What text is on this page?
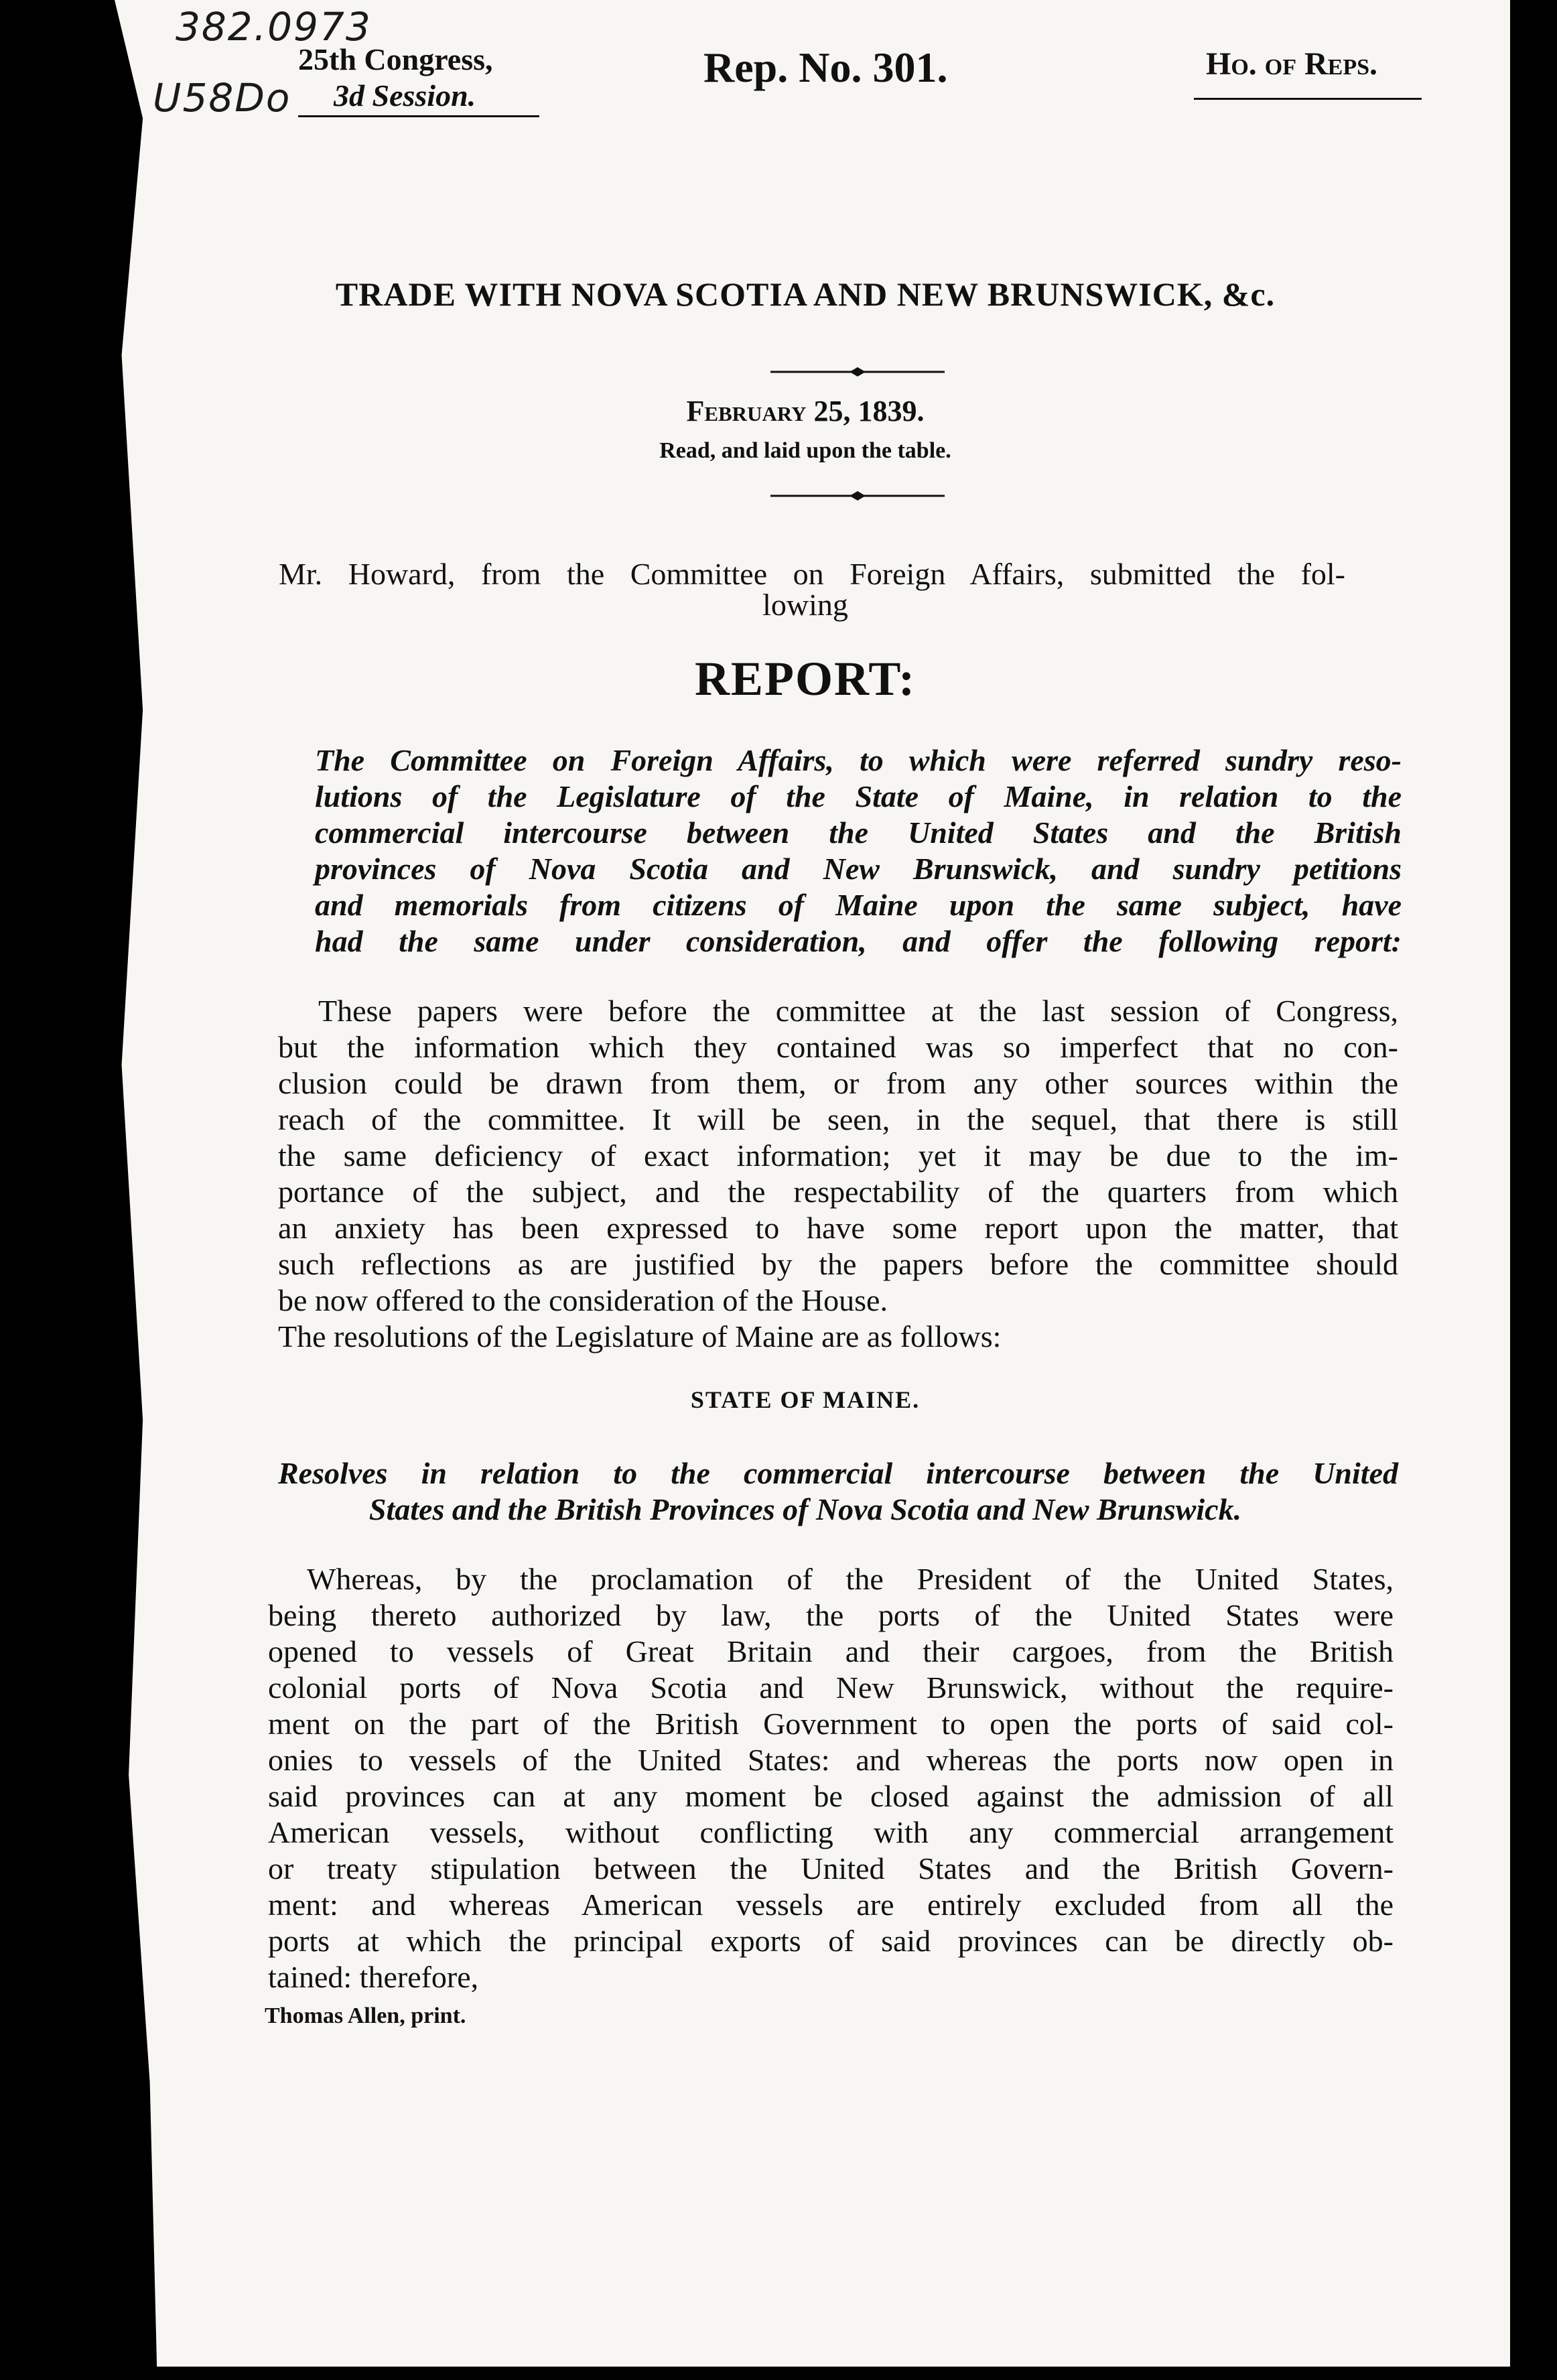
382.0973
U58Do
25th Congress,
3d Session.
Rep. No. 301.	Ho. of Reps.
TRADE WITH NOVA SCOTIA AND NEW BRUNSWICK, &c.
February 25, 1839.
Read, and laid upon the table.
Mr. Howard, from the Committee on Foreign Affairs, submitted the fol-
lowing
REPORT:
The Committee on Foreign Affairs, to which were referred sundry reso-
lutions of the Legislature of the State of Maine, in relation to the
commercial intercourse between the United States and the British
provinces of Nova Scotia and New Brunswick, and sundry petitions
and memorials from citizens of Maine upon the same subject, have
had the same under consideration, and offer the following report:
These papers were before the committee at the last session of Congress,
but the information which they contained was so imperfect that no con-
clusion could be drawn from them, or from any other sources within the
reach of the committee. It will be seen, in the sequel, that there is still
the same deficiency of exact information; yet it may be due to the im-
portance of the subject, and the respectability of the quarters from which
an anxiety has been expressed to have some report upon the matter, that
such reflections as are justified by the papers before the committee should
be now offered to the consideration of the House.
The resolutions of the Legislature of Maine are as follows:
STATE OF MAINE.
Resolves in relation to the commercial intercourse between the United
States and the British Provinces of Nova Scotia and New Brunswick.
Whereas, by the proclamation of the President of the United States,
being thereto authorized by law, the ports of the United States were
opened to vessels of Great Britain and their cargoes, from the British
colonial ports of Nova Scotia and New Brunswick, without the require-
ment on the part of the British Government to open the ports of said col-
onies to vessels of the United States: and whereas the ports now open in
said provinces can at any moment be closed against the admission of all
American vessels, without conflicting with any commercial arrangement
or treaty stipulation between the United States and the British Govern-
ment: and whereas American vessels are entirely excluded from all the
ports at which the principal exports of said provinces can be directly ob-
tained: therefore,
Thomas Allen, print.
